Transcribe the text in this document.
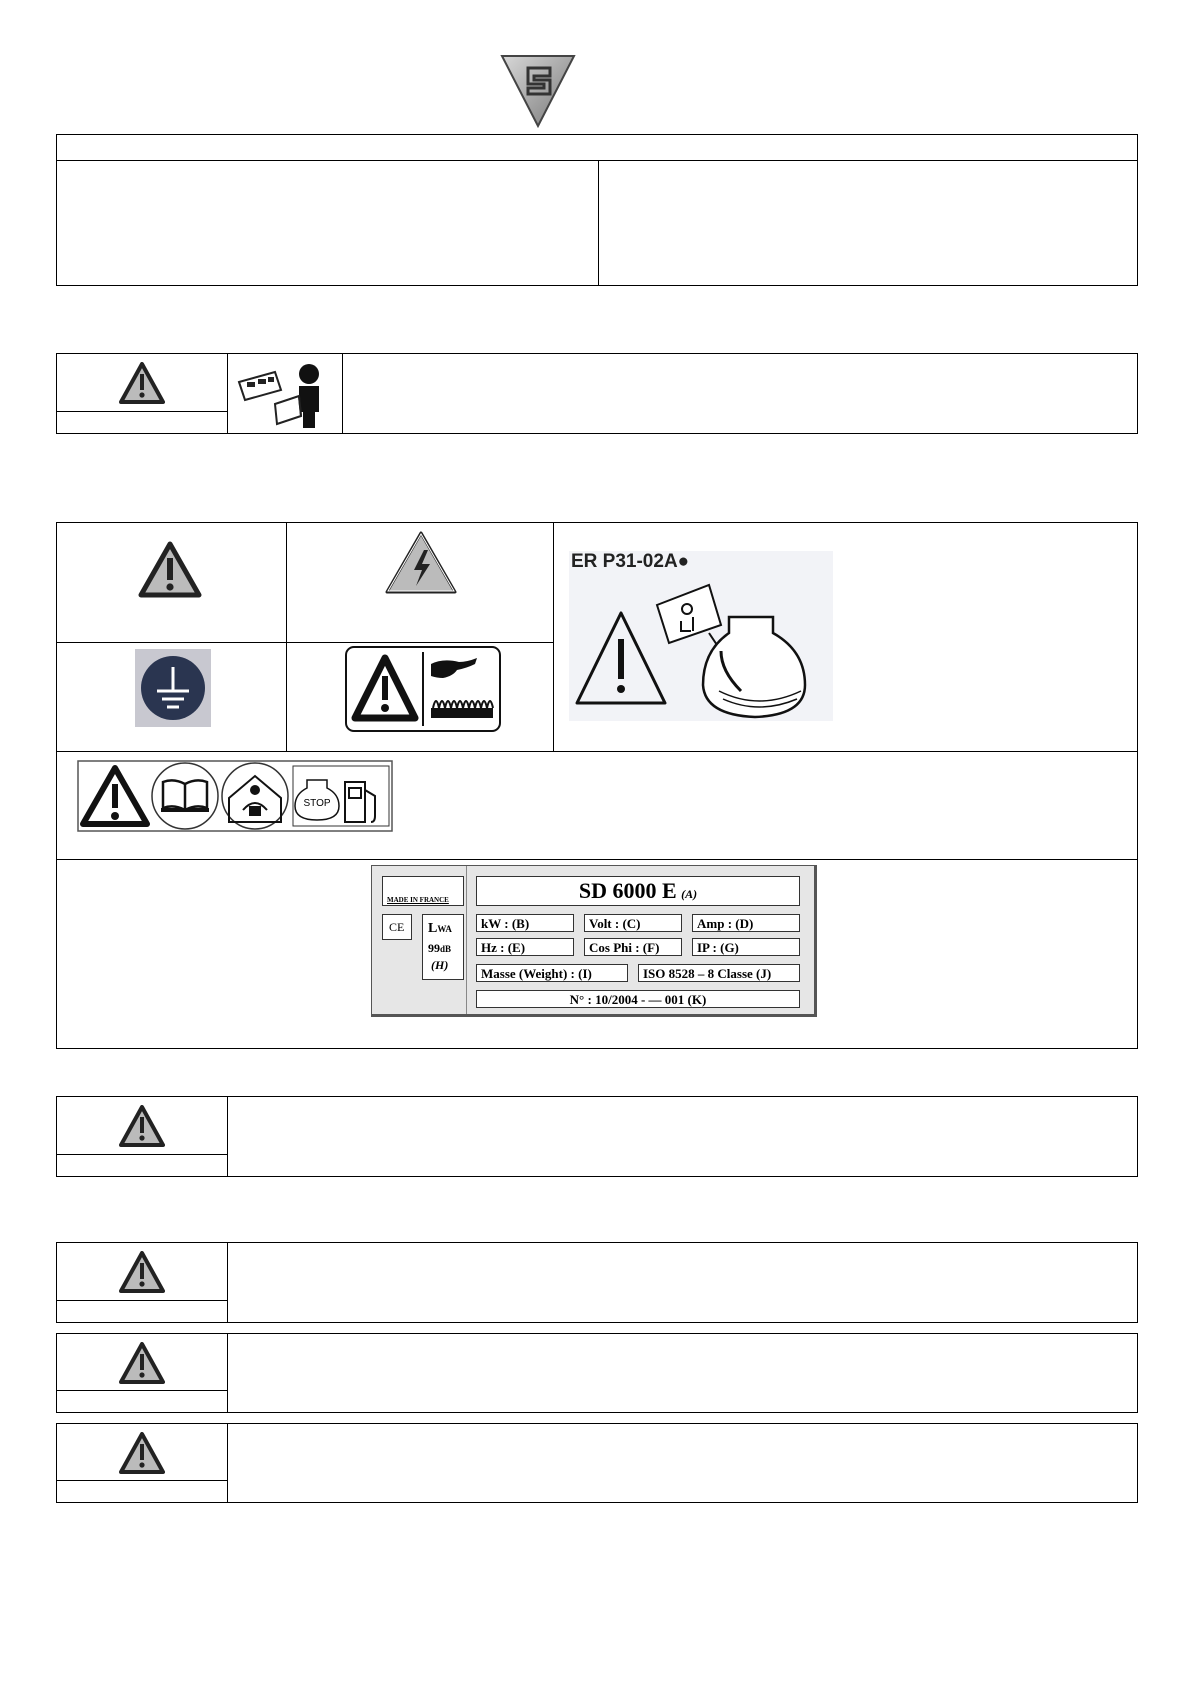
ER P31-02A●
STOP
MADE IN FRANCE
CE LWA
99dB
(H)
SD 6000 E (A)
kW : (B)	Volt : (C)	Amp : (D)
Hz : (E)	Cos Phi : (F)	IP : (G)
Masse (Weight) : (I)	ISO 8528 – 8 Classe (J)
N° : 10/2004 - — 001 (K)
